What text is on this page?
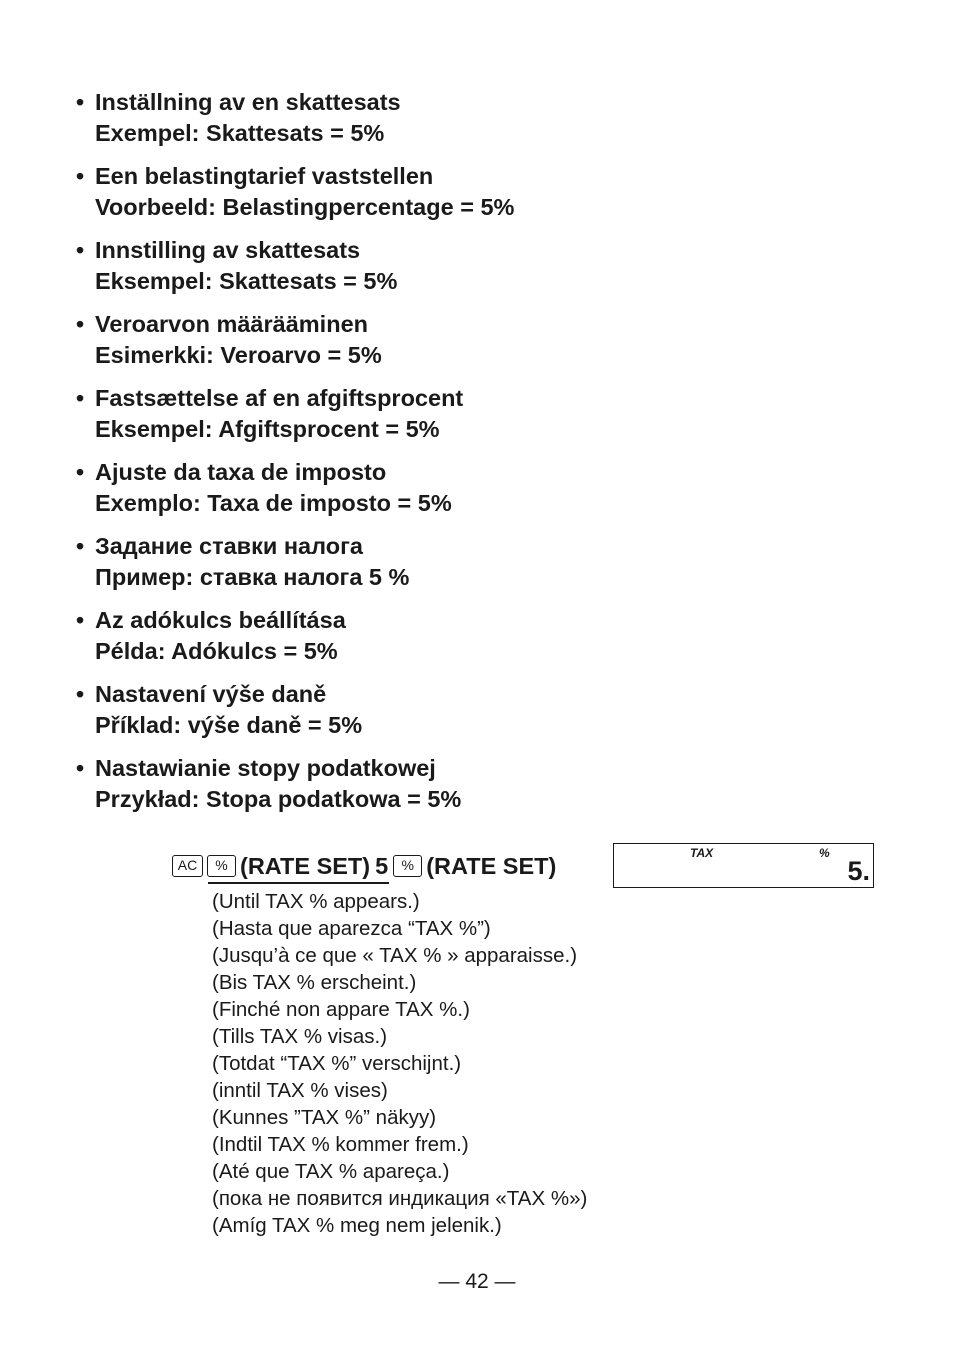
• Inställning av en skattesats
Exempel: Skattesats = 5%
• Een belastingtarief vaststellen
Voorbeeld: Belastingpercentage = 5%
• Innstilling av skattesats
Eksempel: Skattesats = 5%
• Veroarvon määrääminen
Esimerkki: Veroarvo = 5%
• Fastsættelse af en afgiftsprocent
Eksempel: Afgiftsprocent = 5%
• Ajuste da taxa de imposto
Exemplo: Taxa de imposto = 5%
• Задание ставки налога
Пример: ставка налога 5 %
• Az adókulcs beállítása
Példa: Adókulcs = 5%
• Nastavení výše daně
Příklad: výše daně = 5%
• Nastawianie stopy podatkowej
Przykład: Stopa podatkowa = 5%
AC	% (RATE SET) 5 % (RATE SET)	TAX	%
5.
(Until TAX % appears.)
(Hasta que aparezca “TAX %”)
(Jusqu’à ce que « TAX % » apparaisse.)
(Bis TAX % erscheint.)
(Finché non appare TAX %.)
(Tills TAX % visas.)
(Totdat “TAX %” verschijnt.)
(inntil TAX % vises)
(Kunnes ”TAX %” näkyy)
(Indtil TAX % kommer frem.)
(Até que TAX % apareça.)
(пока не появится индикация «TAX %»)
(Amíg TAX % meg nem jelenik.)
— 42 —
